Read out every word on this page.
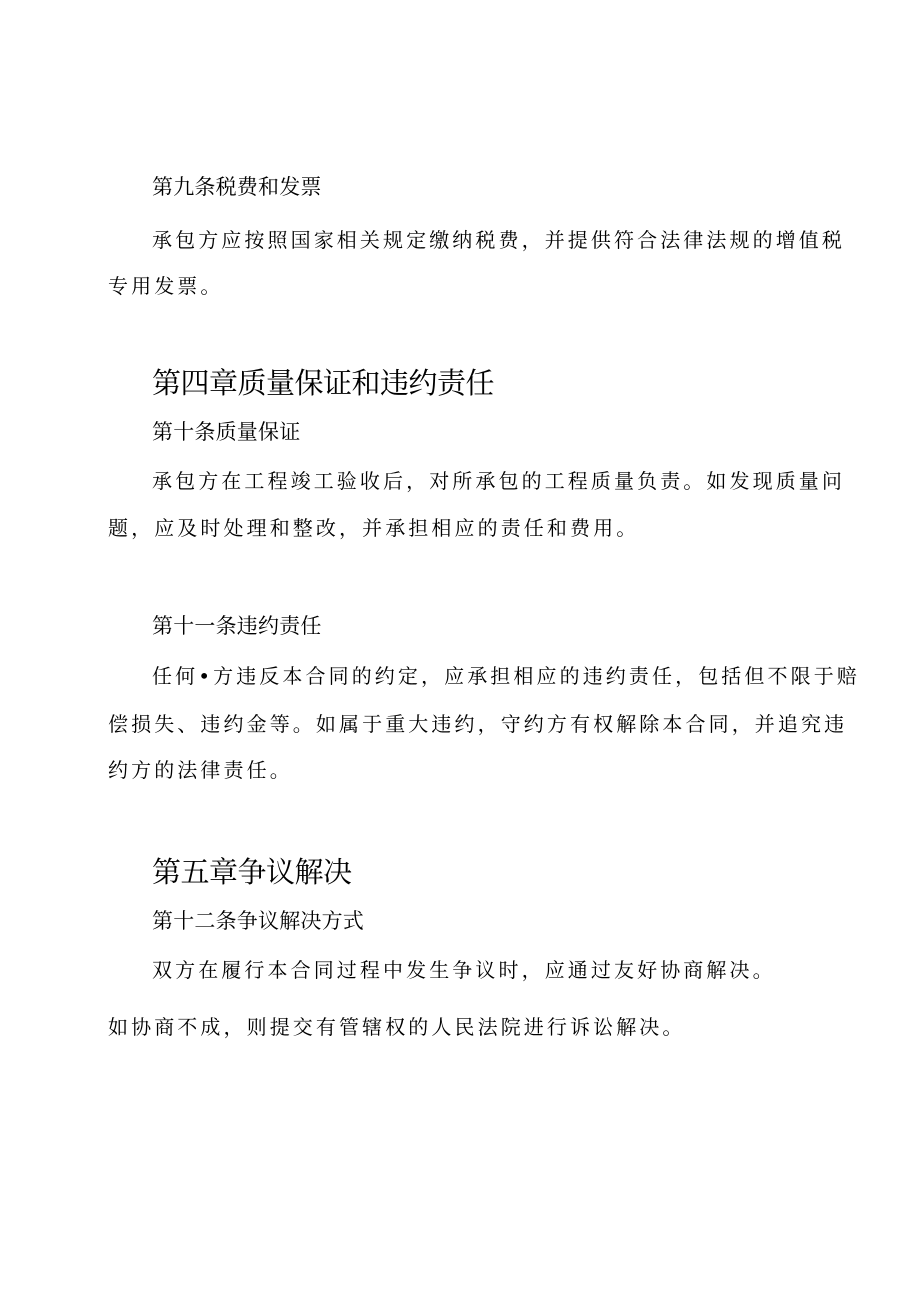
第九条税费和发票
承包方应按照国家相关规定缴纳税费，并提供符合法律法规的增值税
专用发票。
第四章质量保证和违约责任
第十条质量保证
承包方在工程竣工验收后，对所承包的工程质量负责。如发现质量问
题，应及时处理和整改，并承担相应的责任和费用。
第十一条违约责任
任何•方违反本合同的约定，应承担相应的违约责任，包括但不限于赔
偿损失、违约金等。如属于重大违约，守约方有权解除本合同，并追究违
约方的法律责任。
第五章争议解决
第十二条争议解决方式
双方在履行本合同过程中发生争议时，应通过友好协商解决。
如协商不成，则提交有管辖权的人民法院进行诉讼解决。
